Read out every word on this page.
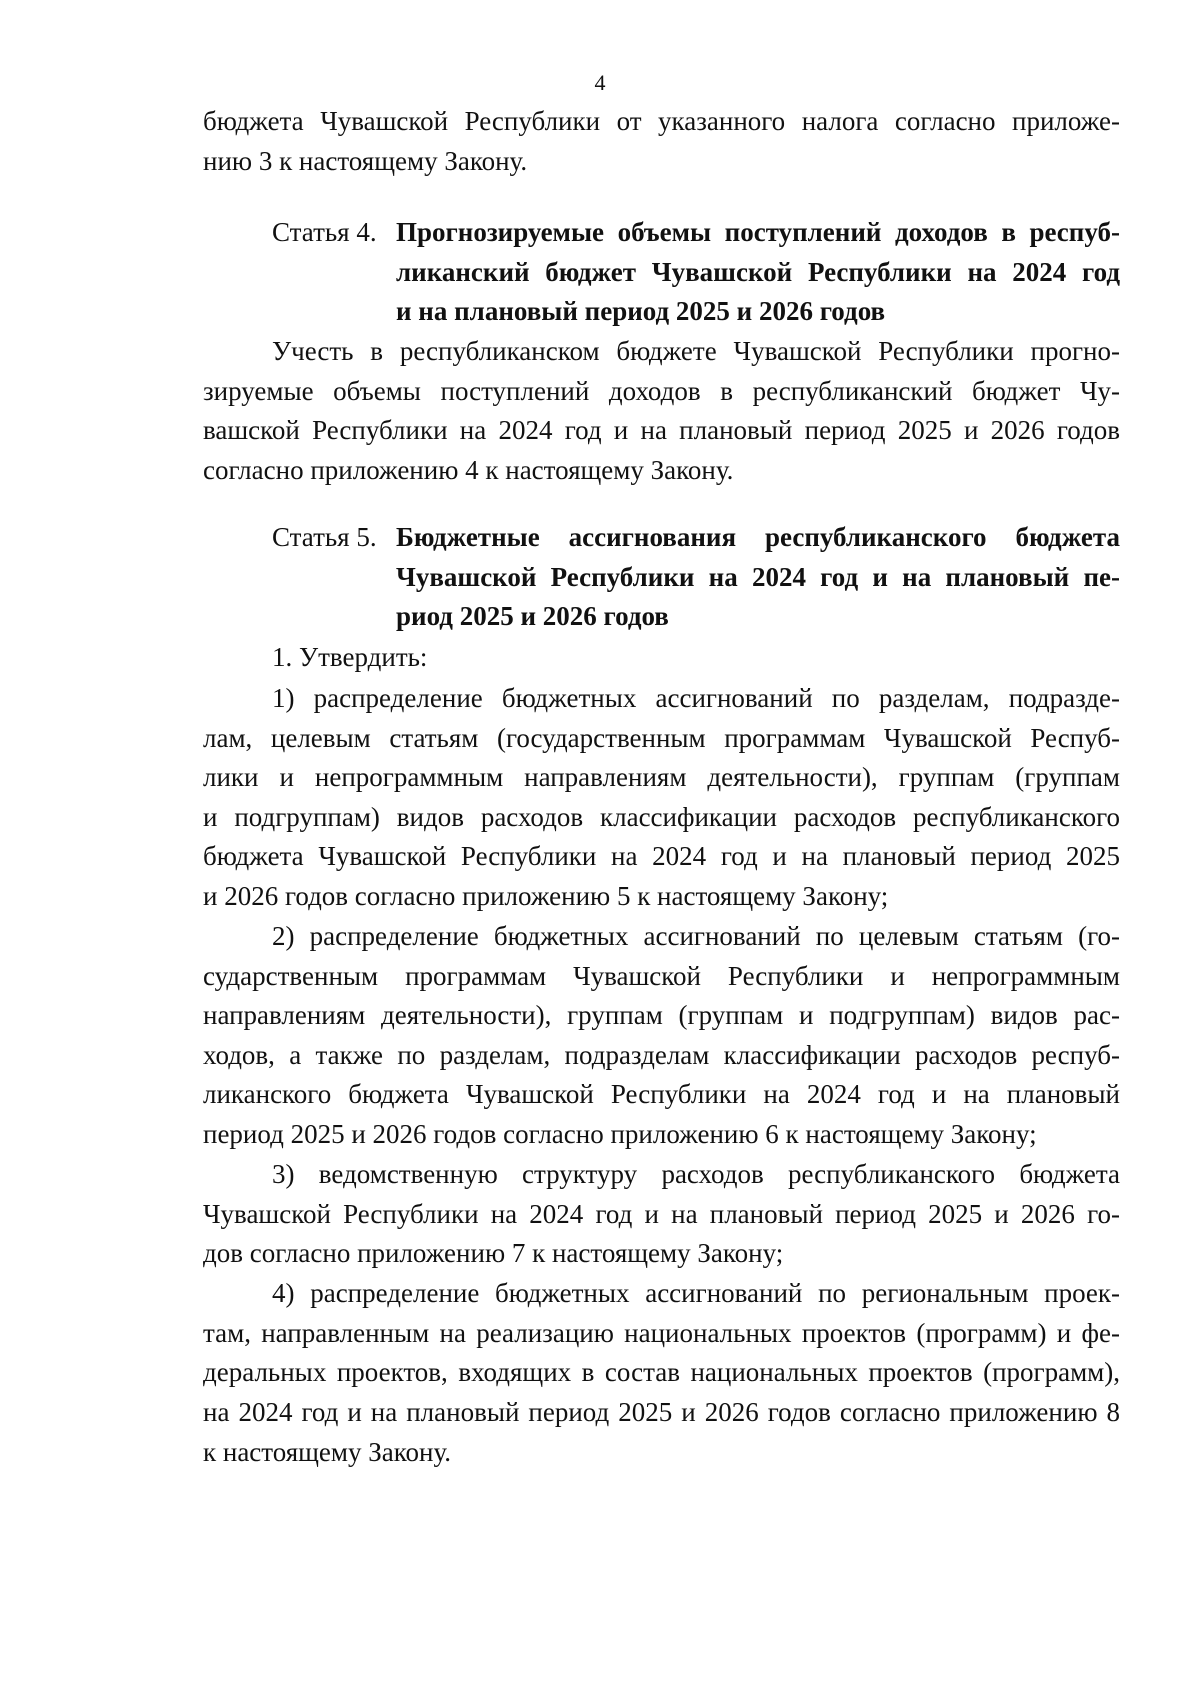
4
бюджета Чувашской Республики от указанного налога согласно приложе-
нию 3 к настоящему Закону.
Статья 4. Прогнозируемые объемы поступлений доходов в респуб-
ликанский бюджет Чувашской Республики на 2024 год
и на плановый период 2025 и 2026 годов
Учесть в республиканском бюджете Чувашской Республики прогно-
зируемые объемы поступлений доходов в республиканский бюджет Чу-
вашской Республики на 2024 год и на плановый период 2025 и 2026 годов
согласно приложению 4 к настоящему Закону.
Статья 5. Бюджетные ассигнования республиканского бюджета
Чувашской Республики на 2024 год и на плановый пе-
риод 2025 и 2026 годов
1. Утвердить:
1) распределение бюджетных ассигнований по разделам, подразде-
лам, целевым статьям (государственным программам Чувашской Респуб-
лики и непрограммным направлениям деятельности), группам (группам
и подгруппам) видов расходов классификации расходов республиканского
бюджета Чувашской Республики на 2024 год и на плановый период 2025
и 2026 годов согласно приложению 5 к настоящему Закону;
2) распределение бюджетных ассигнований по целевым статьям (го-
сударственным программам Чувашской Республики и непрограммным
направлениям деятельности), группам (группам и подгруппам) видов рас-
ходов, а также по разделам, подразделам классификации расходов респуб-
ликанского бюджета Чувашской Республики на 2024 год и на плановый
период 2025 и 2026 годов согласно приложению 6 к настоящему Закону;
3) ведомственную структуру расходов республиканского бюджета
Чувашской Республики на 2024 год и на плановый период 2025 и 2026 го-
дов согласно приложению 7 к настоящему Закону;
4) распределение бюджетных ассигнований по региональным проек-
там, направленным на реализацию национальных проектов (программ) и фе-
деральных проектов, входящих в состав национальных проектов (программ),
на 2024 год и на плановый период 2025 и 2026 годов согласно приложению 8
к настоящему Закону.
